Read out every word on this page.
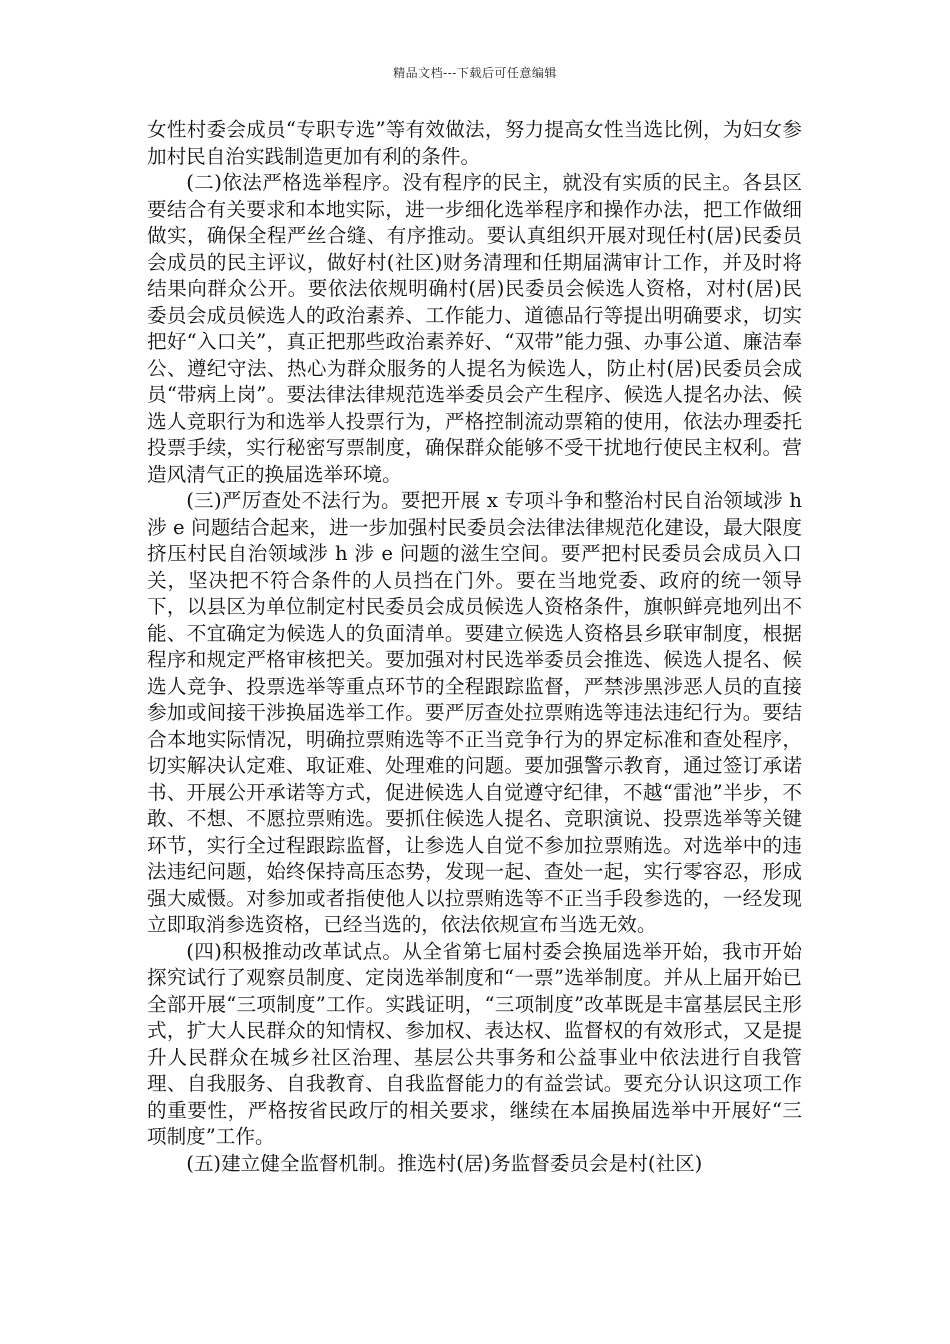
精品文档---下载后可任意编辑

女性村委会成员“专职专选”等有效做法，努力提高女性当选比例，为妇女参加村民自治实践制造更加有利的条件。

(二)依法严格选举程序。没有程序的民主，就没有实质的民主。各县区要结合有关要求和本地实际，进一步细化选举程序和操作办法，把工作做细做实，确保全程严丝合缝、有序推动。要认真组织开展对现任村(居)民委员会成员的民主评议，做好村(社区)财务清理和任期届满审计工作，并及时将结果向群众公开。要依法依规明确村(居)民委员会候选人资格，对村(居)民委员会成员候选人的政治素养、工作能力、道德品行等提出明确要求，切实把好“入口关”，真正把那些政治素养好、“双带”能力强、办事公道、廉洁奉公、遵纪守法、热心为群众服务的人提名为候选人，防止村(居)民委员会成员“带病上岗”。要法律法律规范选举委员会产生程序、候选人提名办法、候选人竞职行为和选举人投票行为，严格控制流动票箱的使用，依法办理委托投票手续，实行秘密写票制度，确保群众能够不受干扰地行使民主权利。营造风清气正的换届选举环境。

(三)严厉查处不法行为。要把开展 x 专项斗争和整治村民自治领域涉 h 涉 e 问题结合起来，进一步加强村民委员会法律法律规范化建设，最大限度挤压村民自治领域涉 h 涉 e 问题的滋生空间。要严把村民委员会成员入口关，坚决把不符合条件的人员挡在门外。要在当地党委、政府的统一领导下，以县区为单位制定村民委员会成员候选人资格条件，旗帜鲜亮地列出不能、不宜确定为候选人的负面清单。要建立候选人资格县乡联审制度，根据程序和规定严格审核把关。要加强对村民选举委员会推选、候选人提名、候选人竞争、投票选举等重点环节的全程跟踪监督，严禁涉黑涉恶人员的直接参加或间接干涉换届选举工作。要严厉查处拉票贿选等违法违纪行为。要结合本地实际情况，明确拉票贿选等不正当竞争行为的界定标准和查处程序，切实解决认定难、取证难、处理难的问题。要加强警示教育，通过签订承诺书、开展公开承诺等方式，促进候选人自觉遵守纪律，不越“雷池”半步，不敢、不想、不愿拉票贿选。要抓住候选人提名、竞职演说、投票选举等关键环节，实行全过程跟踪监督，让参选人自觉不参加拉票贿选。对选举中的违法违纪问题，始终保持高压态势，发现一起、查处一起，实行零容忍，形成强大威慑。对参加或者指使他人以拉票贿选等不正当手段参选的，一经发现立即取消参选资格，已经当选的，依法依规宣布当选无效。

(四)积极推动改革试点。从全省第七届村委会换届选举开始，我市开始探究试行了观察员制度、定岗选举制度和“一票”选举制度。并从上届开始已全部开展“三项制度”工作。实践证明，“三项制度”改革既是丰富基层民主形式，扩大人民群众的知情权、参加权、表达权、监督权的有效形式，又是提升人民群众在城乡社区治理、基层公共事务和公益事业中依法进行自我管理、自我服务、自我教育、自我监督能力的有益尝试。要充分认识这项工作的重要性，严格按省民政厅的相关要求，继续在本届换届选举中开展好“三项制度”工作。

(五)建立健全监督机制。推选村(居)务监督委员会是村(社区)
